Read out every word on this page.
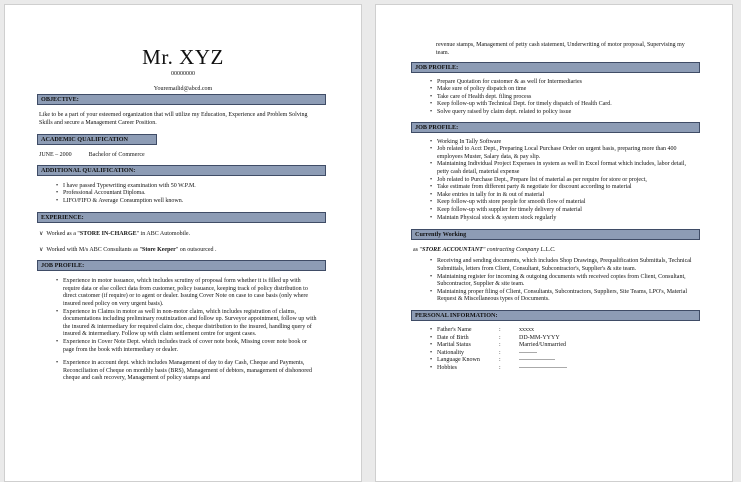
Mr. XYZ
00000000
Youremailid@abcd.com
OBJECTIVE:
Like to be a part of your esteemed organization that will utilize my Education, Experience and Problem Solving Skills and secure a Management Career Position.
ACADEMIC QUALIFICATION
JUNE – 2000	Bachelor of Commerce
ADDITIONAL QUALIFICATION:
• I have passed Typewriting examination with 50 W.P.M.
• Professional Accountant Diploma.
• LIFO/FIFO & Average Consumption well known.
EXPERIENCE:
∨ Worked as a "STORE IN-CHARGE" in ABC Automobile.
∨ Worked with M/s ABC Consultants as "Store Keeper" on outsourced .
JOB PROFILE:
• Experience in motor issuance, which includes scrutiny of proposal form whether it is filled up with require data or else collect data from customer, policy issuance, keeping track of policy distribution to direct customer (if require) or to agent or dealer. Issuing Cover Note on case to case basis (only where insured need policy on very urgent basis).
• Experience in Claims in motor as well in non-motor claim, which includes registration of claims, documentations including preliminary routinization and follow up. Surveyor appointment, follow up with the insured & intermediary for required claim doc, cheque distribution to the insured, handling query of insured & intermediary. Follow up with claim settlement centre for urgent cases.
• Experience in Cover Note Dept. which includes track of cover note book, Missing cover note book or page from the book with intermediary or dealer.
• Experience in account dept. which includes Management of day to day Cash, Cheque and Payments, Reconciliation of Cheque on monthly basis (BRS), Management of debtors, management of dishonored cheque and cash recovery, Management of policy stamps and
revenue stamps, Management of petty cash statement, Underwriting of motor proposal, Supervising my team.
JOB PROFILE:
• Prepare Quotation for customer & as well for Intermediaries
• Make sure of policy dispatch on time
• Take care of Health dept. filing process
• Keep follow-up with Technical Dept. for timely dispatch of Health Card.
• Solve query raised by claim dept. related to policy issue
JOB PROFILE:
• Working In Tally Software
• Job related to Acct Dept., Preparing Local Purchase Order on urgent basis, preparing more than 400 employees Muster, Salary data, & pay slip.
• Maintaining Individual Project Expenses in system as well in Excel format which includes, labor detail, petty cash detail, material expense
• Job related to Purchase Dept., Prepare list of material as per require for store or project,
• Take estimate from different party & negotiate for discount according to material
• Make entries in tally for in & out of material
• Keep follow-up with store people for smooth flow of material
• Keep follow-up with supplier for timely delivery of material
• Maintain Physical stock & system stock regularly
Currently Working
as "STORE ACCOUNTANT" contracting Company L.L.C.
• Receiving and sending documents, which includes Shop Drawings, Prequalification Submittals, Technical Submittals, letters from Client, Consultant, Subcontractor's, Supplier's & site team.
• Maintaining register for incoming & outgoing documents with received copies from Client, Consultant, Subcontractor, Supplier & site team.
• Maintaining proper filing of Client, Consultants, Subcontractors, Suppliers, Site Teams, LPO's, Material Request & Miscellaneous types of Documents.
PERSONAL INFORMATION:
• Father's Name	:	xxxxx
• Date of Birth	:	DD-MM-YYYY
• Marital Status	:	Married/Unmarried
• Nationality	:	---------
• Language Known	:	------------------
• Hobbies	:	------------------------
